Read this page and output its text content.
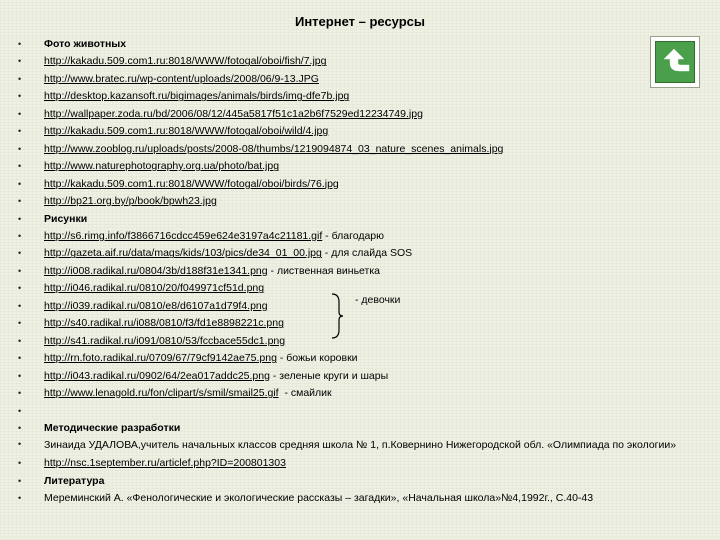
Интернет – ресурсы
• Фото животных
• http://kakadu.509.com1.ru:8018/WWW/fotogal/oboi/fish/7.jpg
• http://www.bratec.ru/wp-content/uploads/2008/06/9-13.JPG
• http://desktop.kazansoft.ru/bigimages/animals/birds/img-dfe7b.jpg
• http://wallpaper.zoda.ru/bd/2006/08/12/445a5817f51c1a2b6f7529ed12234749.jpg
• http://kakadu.509.com1.ru:8018/WWW/fotogal/oboi/wild/4.jpg
• http://www.zooblog.ru/uploads/posts/2008-08/thumbs/1219094874_03_nature_scenes_animals.jpg
• http://www.naturephotography.org.ua/photo/bat.jpg
• http://kakadu.509.com1.ru:8018/WWW/fotogal/oboi/birds/76.jpg
• http://bp21.org.by/p/book/bpwh23.jpg
• Рисунки
• http://s6.rimg.info/f3866716cdcc459e624e3197a4c21181.gif - благодарю
• http://gazeta.aif.ru/data/mags/kids/103/pics/de34_01_00.jpg - для слайда SOS
• http://i008.radikal.ru/0804/3b/d188f31e1341.png - лиственная виньетка
• http://i046.radikal.ru/0810/20/f049971cf51d.png
• http://i039.radikal.ru/0810/e8/d6107a1d79f4.png
• http://s40.radikal.ru/i088/0810/f3/fd1e8898221c.png
• http://s41.radikal.ru/i091/0810/53/fccbace55dc1.png
• http://rn.foto.radikal.ru/0709/67/79cf9142ae75.png - божьи коровки
• http://i043.radikal.ru/0902/64/2ea017addc25.png - зеленые круги и шары
• http://www.lenagold.ru/fon/clipart/s/smil/smail25.gif  - смайлик
•

• Методические разработки
• Зинаида УДАЛОВА,учитель начальных классов средняя школа № 1, п.Ковернино Нижегородской обл. «Олимпиада по экологии»
• http://nsc.1september.ru/articlef.php?ID=200801303
• Литература
• Мереминский А. «Фенологические и экологические рассказы – загадки», «Начальная школа»№4,1992г., С.40-43
- девочки
